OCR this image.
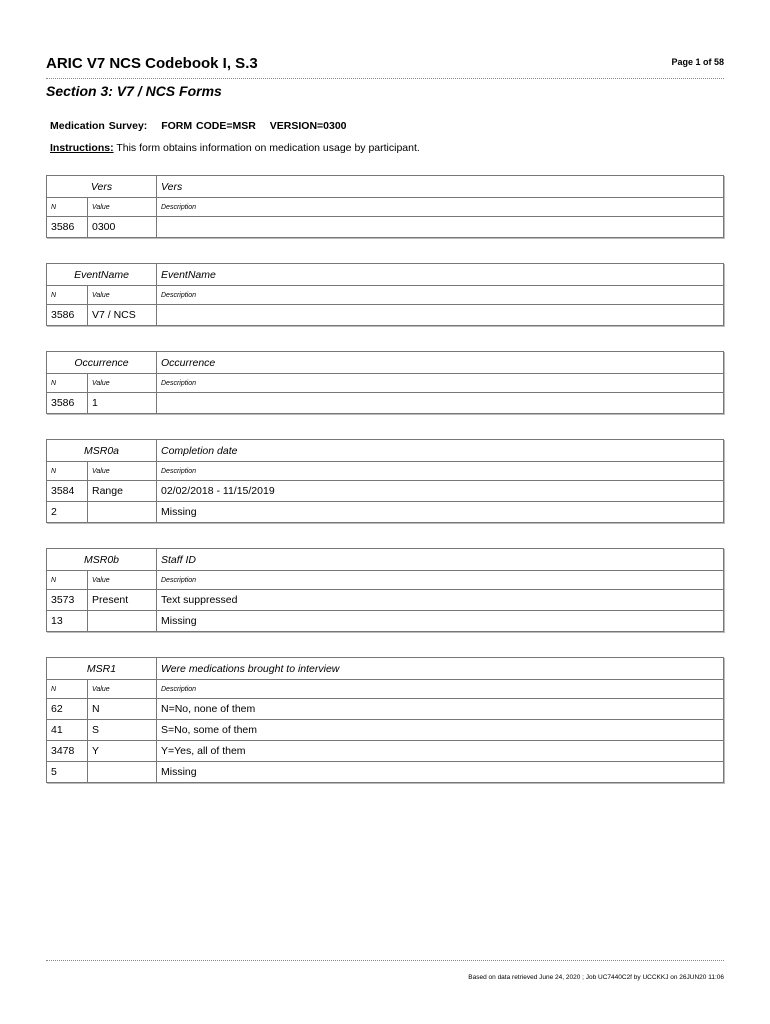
ARIC V7 NCS Codebook I, S.3	Page 1 of 58
Section 3: V7 / NCS Forms
Medication Survey: FORM CODE=MSR VERSION=0300
Instructions: This form obtains information on medication usage by participant.
Vers		Vers
N	Value	Description
3586	0300	
EventName		EventName
N	Value	Description
3586	V7 / NCS	
Occurrence		Occurrence
N	Value	Description
3586	1	
MSR0a		Completion date
N	Value	Description
3584	Range	02/02/2018 - 11/15/2019
2		Missing
MSR0b		Staff ID
N	Value	Description
3573	Present	Text suppressed
13		Missing
MSR1		Were medications brought to interview
N	Value	Description
62	N	N=No, none of them
41	S	S=No, some of them
3478	Y	Y=Yes, all of them
5		Missing
Based on data retrieved June 24, 2020 ; Job UC7440C2f by UCCKKJ on 26JUN20 11:06
